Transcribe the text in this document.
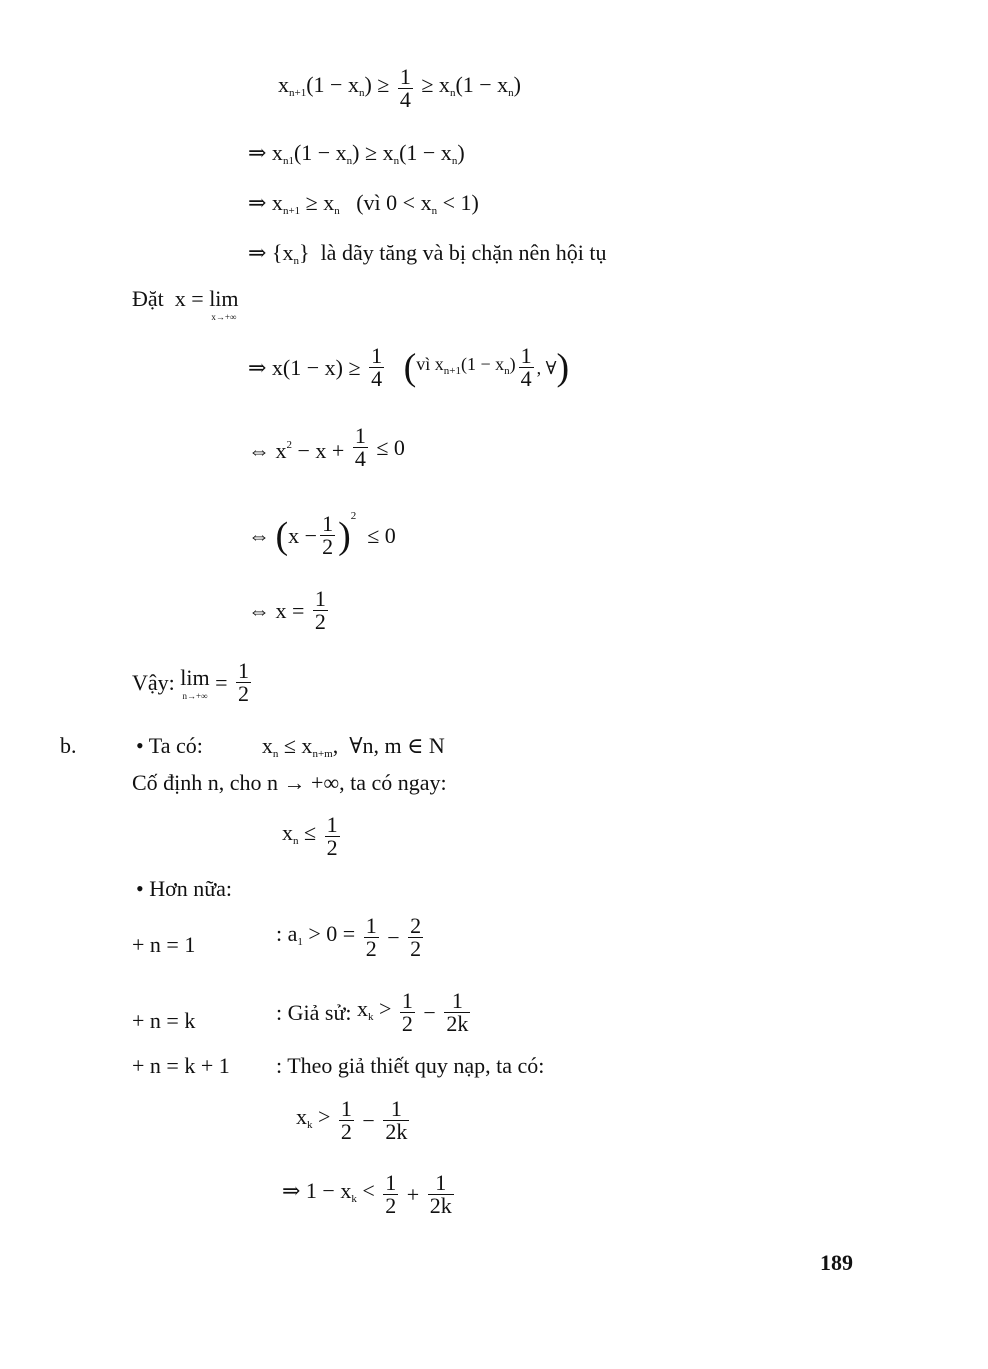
$xn+1(1 - xn) \ge \frac{1}{4} \ge xn(1 - xn)$
⇒ xn1(1 − xn) ≥ xn(1 − xn)
⇒ xn+1 ≥ xn   (vì 0 < xn < 1)
⇒ {xn}  là dãy tăng và bị chặn nên hội tụ
Đặt  x = lim
x→+∞
⇒ $x(1 - x) \ge \frac{1}{4}$ (vì $x_{n+1}(1 - x_n) \frac{1}{4}$ , ∀)
⇔ $x^2 - x + \frac{1}{4} \le 0$
⇔ $(x - \frac{1}{2} )^2 \le 0$
⇔ $x = \frac{1}{2}$
Vậy: lim
n→+∞
= $\frac{1}{2}$
b.	• Ta có:  xn ≤ xn+m,  ∀n, m ∈ N
Cố định n, cho n → +∞, ta có ngay:
xn ≤ $\frac{1}{2}$
• Hơn nữa:
+ n = 1	: $a1 > 0 = \frac{1}{2} - \frac{2}{2}$
+ n = k	: Giả sử: xk > $\frac{1}{2} - \frac{1}{2k}$
+ n = k + 1 : Theo giả thiết quy nạp, ta có:
xk > $\frac{1}{2} - \frac{1}{2k}$
⇒ 1 − xk < $\frac{1}{2} + \frac{1}{2k}$
189
